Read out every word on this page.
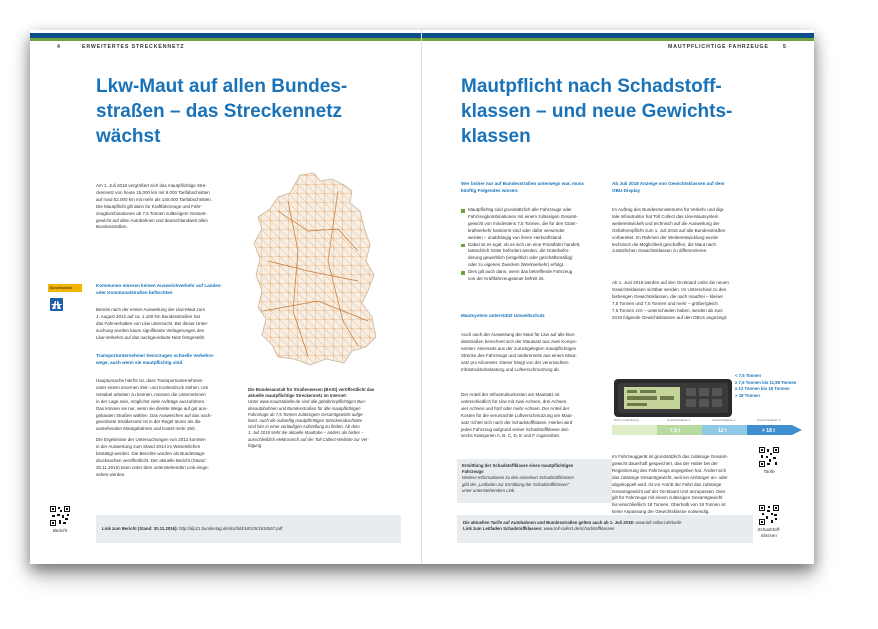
4	ERWEITERTES STRECKENNETZ
Lkw-Maut auf allen Bundes-
straßen – das Streckennetz
wächst
Am 1. Juli 2018 vergrößert sich das mautpflichtige Stre-
ckennetz von heute 15.000 km mit 9.000 Tarifabschnitten
auf rund 52.000 km mit mehr als 140.000 Tarifabschnitten.
Die Mautpflicht gilt dann für Kraftfahrzeuge und Fahr-
zeugkombinationen ab 7,5 Tonnen zulässigem Gesamt-
gewicht auf allen Autobahnen und deutschlandweit allen
Bundesstraßen.
Bundesstraße	Kommunen müssen keinen Ausweichverkehr auf Landes-
oder Kommunalstraßen befürchten
Bereits nach der ersten Ausweitung der Lkw-Maut zum
1. August 2012 auf ca. 1.100 km Bundesstraßen hat
das Fahrverhalten von Lkw untersucht. Bei dieser Unter-
suchung wurden kaum signifikante Verlagerungen des
Lkw-Verkehrs auf das nachgeordnete Netz festgestellt.
Transportunternehmer bevorzugen schnelle Verkehrs-
wege, auch wenn sie mautpflichtig sind
Hauptursache hierfür ist, dass Transportunternehmen
unter einem enormen Zeit- und Kostendruck stehen. Um
rentabel arbeiten zu können, müssen die Unternehmen
in der Lage sein, möglichst viele Aufträge auszuführen.
Das können sie nur, wenn sie direkte Wege auf gut aus-
gebauten Straßen wählen. Das Ausweichen auf das nach-
geordnete Straßennetz ist in der Regel teurer als die
anstehenden Mautgebühren und kostet mehr Zeit.
Die Ergebnisse der Untersuchungen von 2012 konnten
in der Auswertung zum Stand 2014 im Wesentlichen
bestätigt werden. Die Berichte wurden als Bundestags-
drucksachen veröffentlicht. Der aktuelle Bericht (Stand:
30.11.2016) kann unter dem untenstehenden Link einge-
sehen werden.
Die Bundesanstalt für Straßenwesen (BASt) veröffentlicht das
aktuelle mautpflichtige Streckennetz im Internet:
Unter www.mautstabelle.de sind alle gebührenpflichtigen Bun-
desautobahnen und Bundesstraßen für alle mautpflichtigen
Fahrzeuge ab 7,5 Tonnen zulässigem Gesamtgewicht aufge-
listet. Auch die zukünftig mautpflichtigen Streckenabschnitte
sind hier in einer vorläufigen Aufstellung zu finden. Ab dem
1. Juli 2018 steht die aktuelle Mauttabe – anders als bisher –
ausschließlich elektronisch auf der Toll Collect-Website zur Ver-
fügung.
Link zum Bericht (Stand: 30.11.2016): http://dip21.bundestag.de/doc/btd/18/105/1810567.pdf
Bericht
MAUTPFLICHTIGE FAHRZEUGE	5
Mautpflicht nach Schadstoff-
klassen – und neue Gewichts-
klassen
Wer bisher nur auf Bundesstraßen unterwegs war, muss
künftig Folgendes wissen:
Mautpflichtig sind grundsätzlich alle Fahrzeuge oder
Fahrzeugkombinationen mit einem zulässigen Gesamt-
gewicht von mindestens 7,5 Tonnen, die für den Güter-
kraftverkehr bestimmt sind oder dafür verwendet
werden – unabhängig von ihrem Herkunftsland.
Dabei ist es egal, ob es sich um eine Privatfahrt handelt,
tatsächlich Güter befördert werden, die Güterbeför-
derung gewerblich (entgeltlich oder geschäftsmäßig)
oder zu eigenen Zwecken (Werkverkehr) erfolgt.
Dies gilt auch dann, wenn das betreffende Fahrzeug
von der Kraftfahrzeugsteuer befreit ist.
Mautsystem unterstützt Umweltschutz
Auch nach der Ausweitung der Maut für Lkw auf alle Bun-
desstraßen berechnet sich der Mautsatz aus zwei Kompo-
nenten: einerseits aus der zurückgelegten mautpflichtigen
Strecke des Fahrzeugs und andererseits aus einem Maut-
satz pro Kilometer. Dieser hängt von der verursachten
Infrastrukturbelastung und Luftverschmutzung ab.
Der Anteil der Infrastrukturkosten am Mautsatz ist
unterschiedlich für Lkw mit zwei Achsen, drei Achsen,
vier Achsen und fünf oder mehr Achsen. Der Anteil der
Kosten für die verursachte Luftverschmutzung am Maut-
satz richtet sich nach der Schadstoffklasse. Hierbei wird
jedes Fahrzeug aufgrund seiner Schadstoffklasse den
sechs Kategorien A, B, C, D, E und F zugeordnet.
Ermittlung der Schadstoffklasse eines mautpflichtigen
Fahrzeugs
Weitere Informationen zu den einzelnen Schadstoffklassen
gibt der „Leitfaden zur Ermittlung der Schadstoffklassen“
unter untenstehendem Link.
Ab Juli 2018 Anzeige von Gewichtsklassen auf dem
OBU-Display
Im Auftrag des Bundesministeriums für Verkehr und digi-
tale Infrastruktur hat Toll Collect das Lkw-Mautsystem
weiterentwickelt und technisch auf die Ausweitung der
Gebührenpflicht zum 1. Juli 2018 auf alle Bundesstraßen
vorbereitet. Im Rahmen der Weiterentwicklung wurde
technisch die Möglichkeit geschaffen, die Maut nach
zusätzlichen Gewichtsklassen zu differenzieren.
Ab 1. Juni 2018 werden auf den On-Board Units die neuen
Gewichtsklassen sichtbar werden. Im Unterschied zu den
bisherigen Gewichtsklassen, die nach mautfrei – kleiner
7,5 Tonnen und 7,5 Tonnen und mehr – größer/gleich
7,5 Tonnen zzö – unterschieden haben, werden ab Juni
2018 folgende Gewichtsklassen auf den OBUs angezeigt:
< 7,5 Tonnen
≥ 7,5 Tonnen bis 11,99 Tonnen
≥ 12 Tonnen bis 18 Tonnen
> 18 Tonnen
Nicht mautpflichtig	Gewichtsklasse 1	Gewichtsklasse 2	Gewichtsklasse 3
7,5 t	12 t	> 18 t
Im Fahrzeuggerät ist grundsätzlich das zulässige Gesamt-
gewicht dauerhaft gespeichert, das der Halter bei der
Registrierung des Fahrzeugs angegeben hat. Ändert sich
das zulässige Gesamtgewicht, weil ein Anhänger an- oder
abgekoppelt wird, ist vor Antritt der Fahrt das zulässige
Gesamtgewicht auf der On-Board Unit anzupassen. Dies
gilt für Fahrzeuge mit einem zulässigen Gesamtgewicht
bis einschließlich 18 Tonnen. Oberhalb von 18 Tonnen ist
keine Anpassung der Gewichtsklasse notwendig.
Tarife
Die aktuellen Tarife auf Autobahnen und Bundesstraßen gelten auch ab 1. Juli 2018: www.toll-collect.de/tarife
Link zum Leitfaden Schadstoffklassen: www.toll-collect.de/schadstoffklassen	Schadstoff-
klassen
